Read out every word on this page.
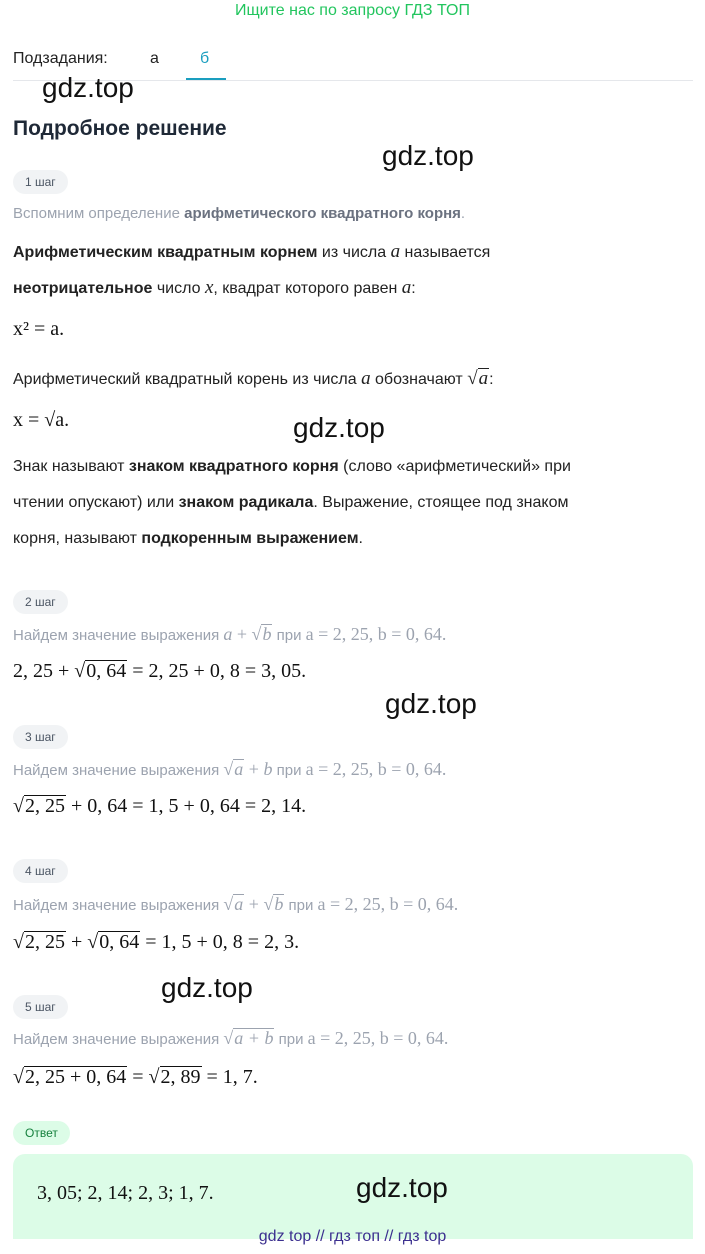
Ищите нас по запросу ГДЗ ТОП
Подзадания:	а	б
Подробное решение
gdz.top
gdz.top
gdz.top
gdz.top
gdz.top
1 шаг
Вспомним определение арифметического квадратного корня.
Арифметическим квадратным корнем из числа a называется
неотрицательное число x, квадрат которого равен a:
x² = a.
Арифметический квадратный корень из числа a обозначают √a:
x = √a.
Знак называют знаком квадратного корня (слово «арифметический» при
чтении опускают) или знаком радикала. Выражение, стоящее под знаком
корня, называют подкоренным выражением.
2 шаг
Найдем значение выражения a + √b при a = 2, 25, b = 0, 64.
2, 25 + √0, 64 = 2, 25 + 0, 8 = 3, 05.
3 шаг
Найдем значение выражения √a + b при a = 2, 25, b = 0, 64.
√2, 25 + 0, 64 = 1, 5 + 0, 64 = 2, 14.
4 шаг
Найдем значение выражения √a + √b при a = 2, 25, b = 0, 64.
√2, 25 + √0, 64 = 1, 5 + 0, 8 = 2, 3.
5 шаг
Найдем значение выражения √a + b при a = 2, 25, b = 0, 64.
√2, 25 + 0, 64 = √2, 89 = 1, 7.
Ответ
3, 05; 2, 14; 2, 3; 1, 7.	gdz.top
gdz top // гдз топ // гдз top
